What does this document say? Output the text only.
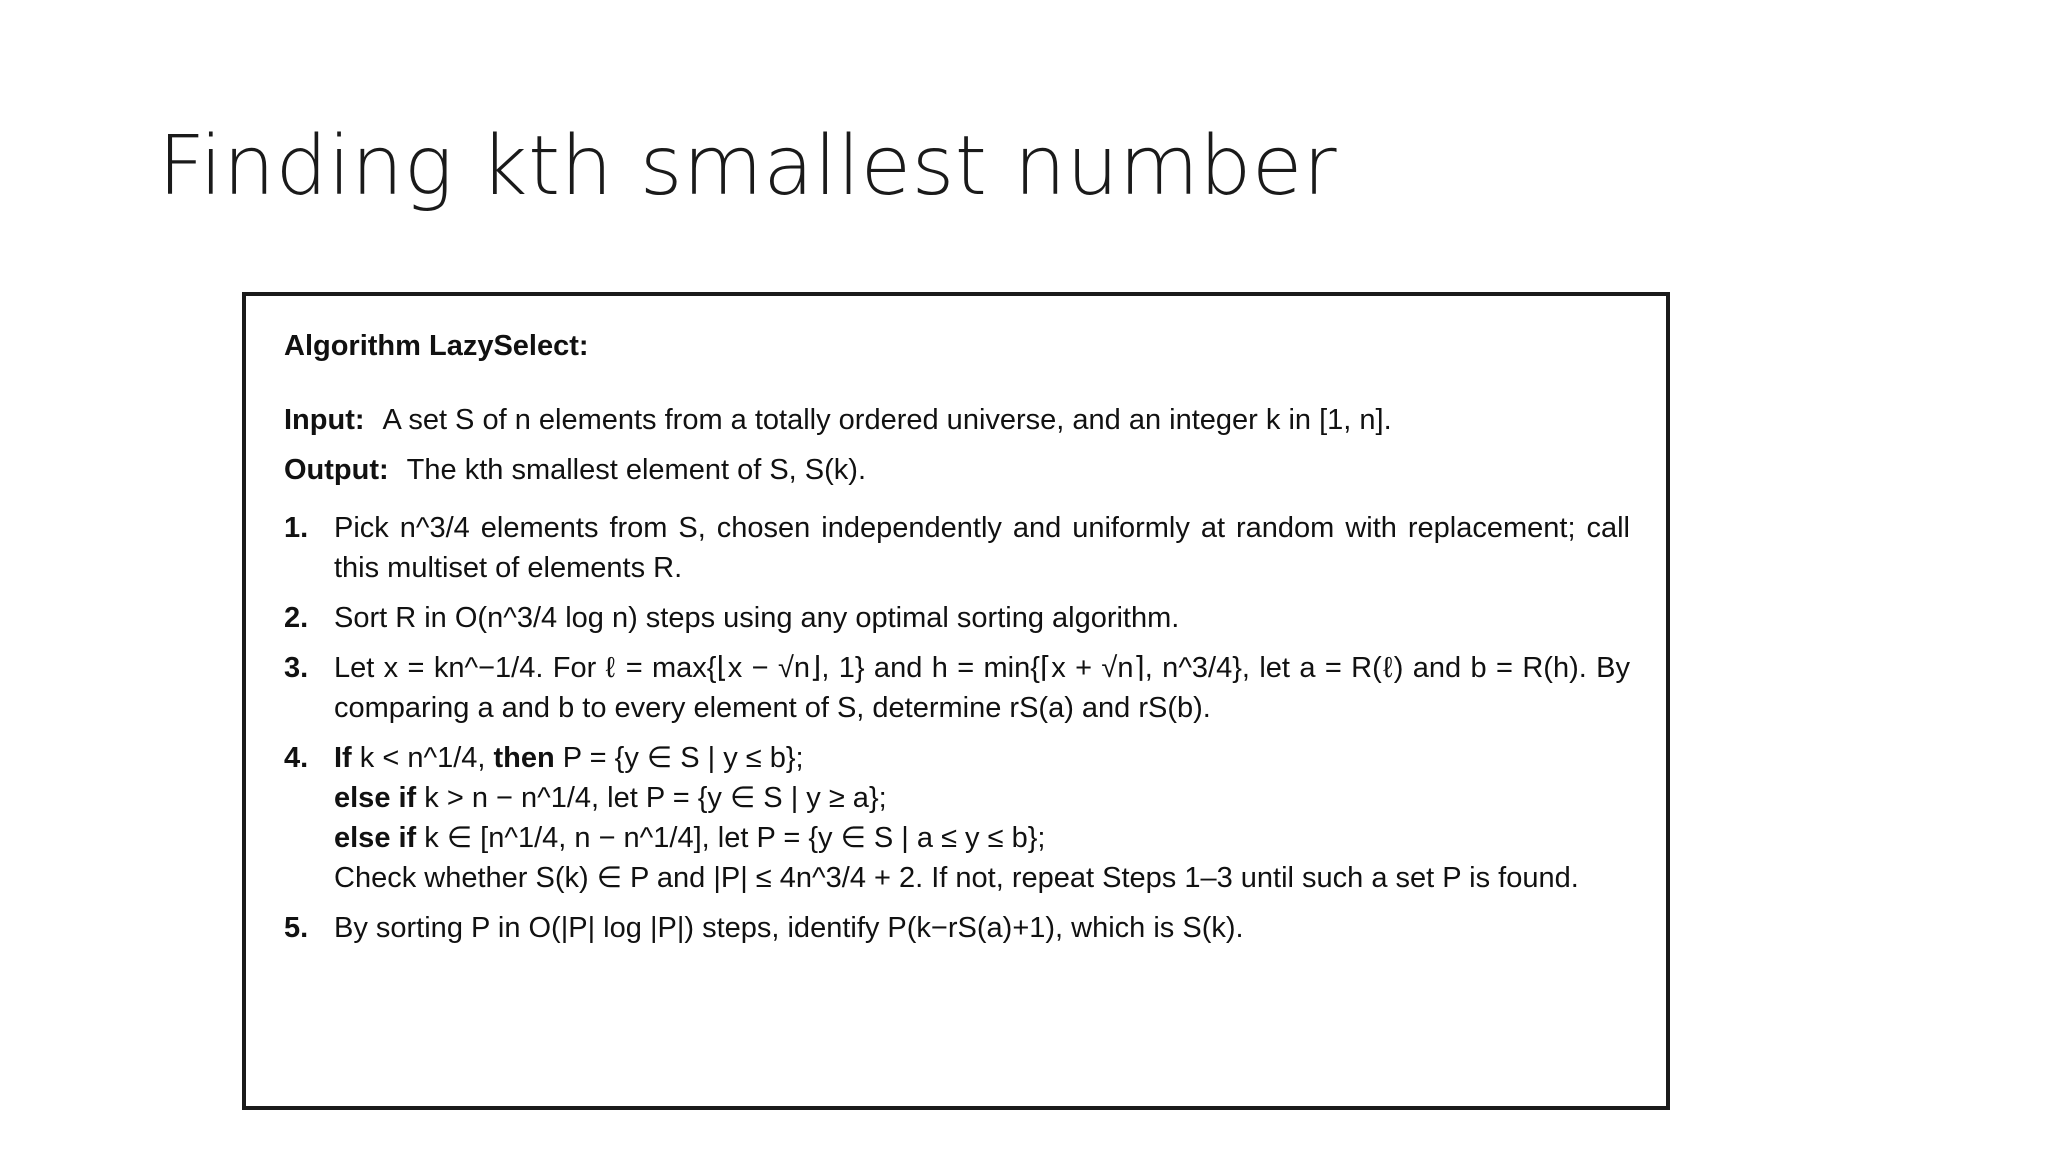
Finding kth smallest number
Algorithm LazySelect:
Input: A set S of n elements from a totally ordered universe, and an integer k in [1, n].
Output: The kth smallest element of S, S(k).
1. Pick n^3/4 elements from S, chosen independently and uniformly at random with replacement; call this multiset of elements R.
2. Sort R in O(n^3/4 log n) steps using any optimal sorting algorithm.
3. Let x = kn^−1/4. For ℓ = max{⌊x − √n⌋, 1} and h = min{⌈x + √n⌉, n^3/4}, let a = R(ℓ) and b = R(h). By comparing a and b to every element of S, determine rS(a) and rS(b).
4. If k < n^1/4, then P = {y ∈ S | y ≤ b};
else if k > n − n^1/4, let P = {y ∈ S | y ≥ a};
else if k ∈ [n^1/4, n − n^1/4], let P = {y ∈ S | a ≤ y ≤ b};
Check whether S(k) ∈ P and |P| ≤ 4n^3/4 + 2. If not, repeat Steps 1–3 until such a set P is found.
5. By sorting P in O(|P| log |P|) steps, identify P(k−rS(a)+1), which is S(k).
